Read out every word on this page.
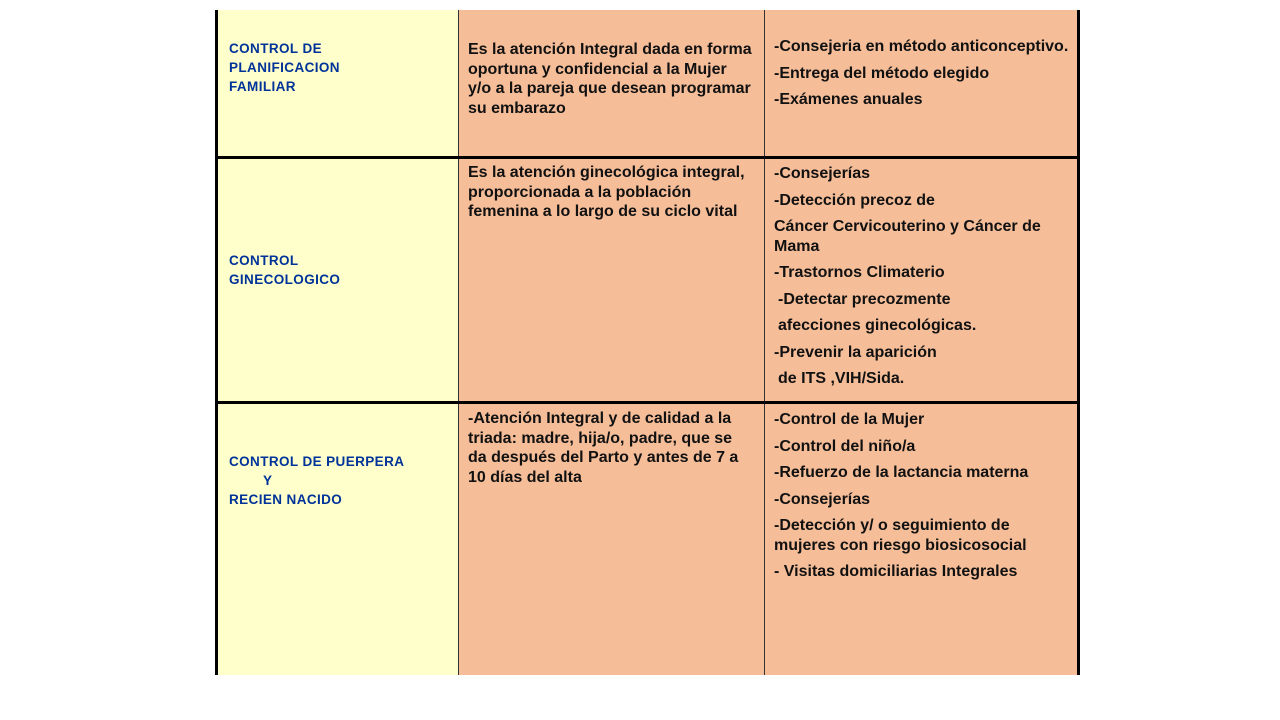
CONTROL DE
PLANIFICACION
FAMILIAR
Es la atención Integral dada en forma oportuna y confidencial a la Mujer y/o a la pareja que desean programar su embarazo
-Consejeria en método anticonceptivo.
-Entrega del método elegido
-Exámenes anuales
CONTROL
GINECOLOGICO
Es la atención ginecológica integral, proporcionada a la población femenina a lo largo de su ciclo vital
-Consejerías
-Detección precoz de
Cáncer Cervicouterino y Cáncer de Mama
-Trastornos Climaterio
-Detectar precozmente
afecciones ginecológicas.
-Prevenir la aparición
de ITS ,VIH/Sida.
CONTROL DE PUERPERA
Y
RECIEN NACIDO
-Atención Integral y de calidad a la triada: madre, hija/o, padre, que se da después del Parto y antes de 7 a 10 días del alta
-Control de la Mujer
-Control del niño/a
-Refuerzo de la lactancia materna
-Consejerías
-Detección y/ o seguimiento de mujeres con riesgo biosicosocial
- Visitas domiciliarias Integrales
